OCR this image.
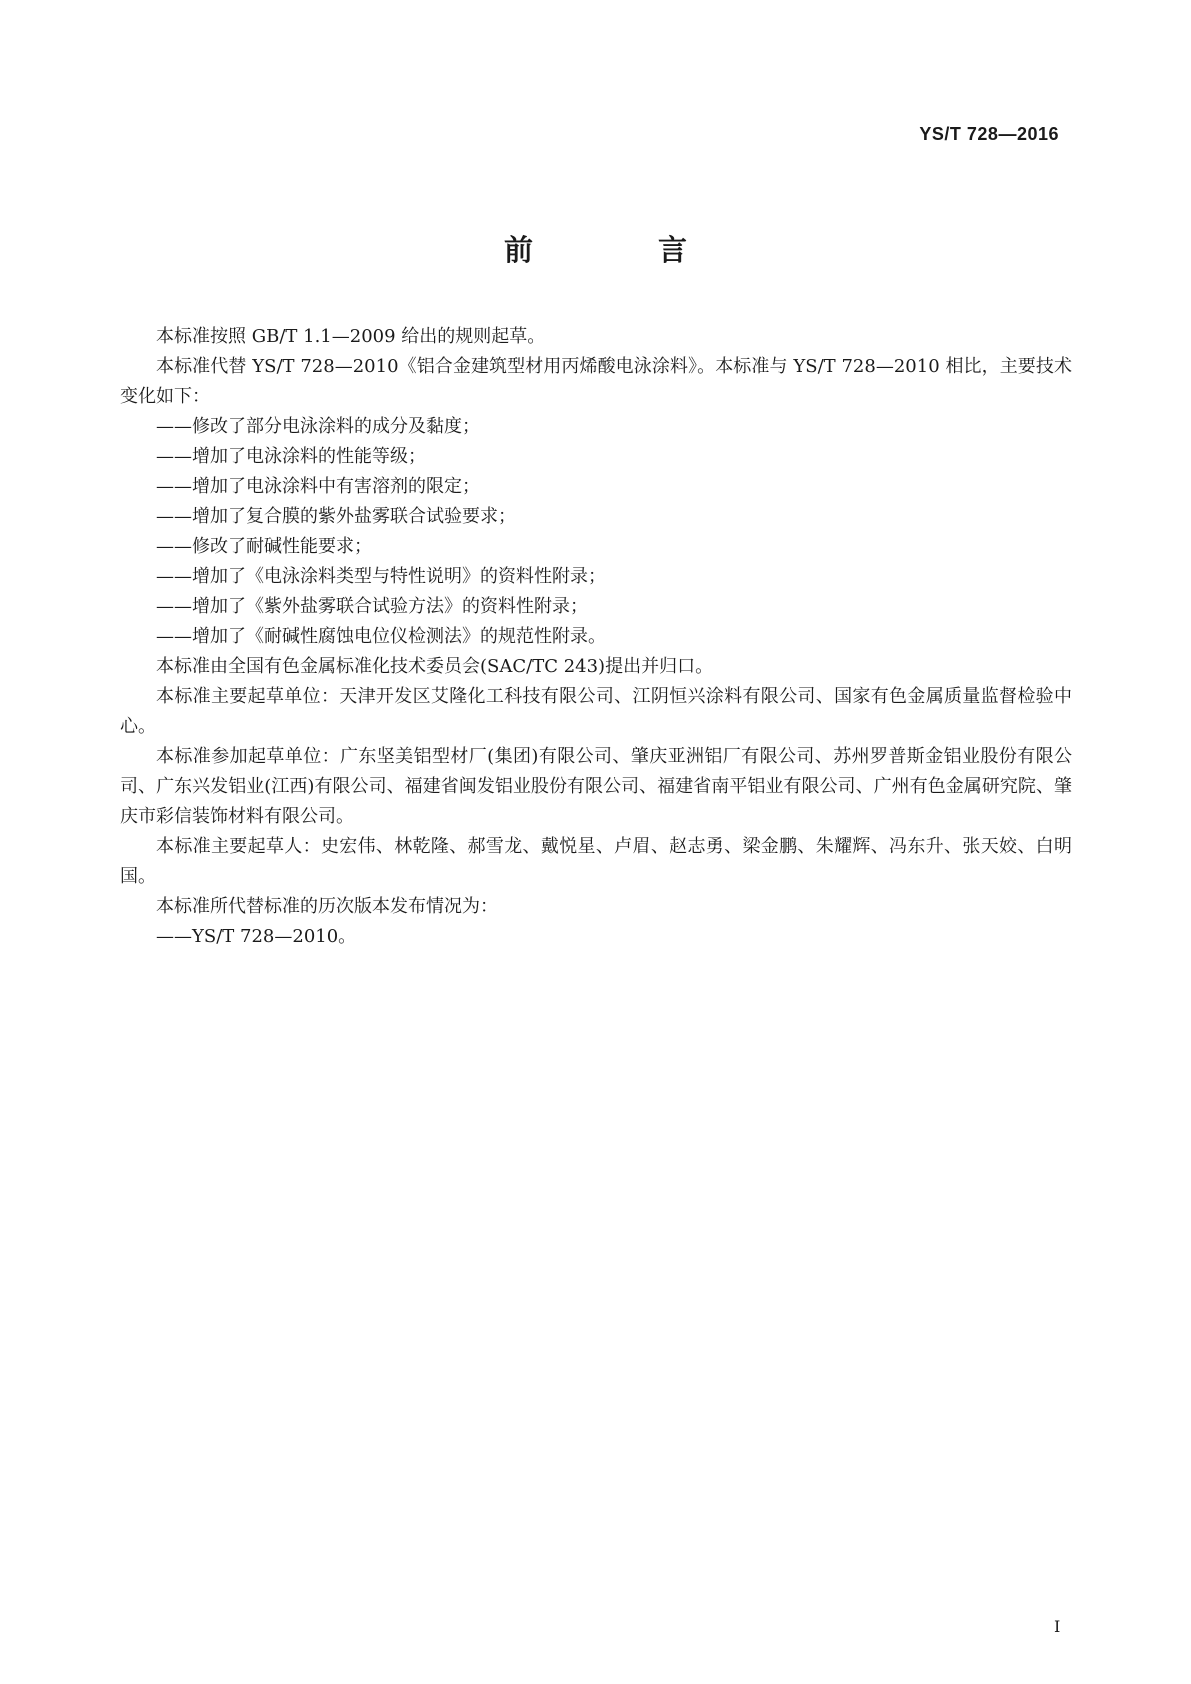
YS/T 728—2016
前　言

本标准按照 GB/T 1.1—2009 给出的规则起草。

本标准代替 YS/T 728—2010《铝合金建筑型材用丙烯酸电泳涂料》。本标准与 YS/T 728—2010 相比，主要技术变化如下：

——修改了部分电泳涂料的成分及黏度；

——增加了电泳涂料的性能等级；

——增加了电泳涂料中有害溶剂的限定；

——增加了复合膜的紫外盐雾联合试验要求；

——修改了耐碱性能要求；

——增加了《电泳涂料类型与特性说明》的资料性附录；

——增加了《紫外盐雾联合试验方法》的资料性附录；

——增加了《耐碱性腐蚀电位仪检测法》的规范性附录。

本标准由全国有色金属标准化技术委员会(SAC/TC 243)提出并归口。

本标准主要起草单位：天津开发区艾隆化工科技有限公司、江阴恒兴涂料有限公司、国家有色金属质量监督检验中心。

本标准参加起草单位：广东坚美铝型材厂(集团)有限公司、肇庆亚洲铝厂有限公司、苏州罗普斯金铝业股份有限公司、广东兴发铝业(江西)有限公司、福建省闽发铝业股份有限公司、福建省南平铝业有限公司、广州有色金属研究院、肇庆市彩信装饰材料有限公司。

本标准主要起草人：史宏伟、林乾隆、郝雪龙、戴悦星、卢眉、赵志勇、梁金鹏、朱耀辉、冯东升、张天姣、白明国。

本标准所代替标准的历次版本发布情况为：

——YS/T 728—2010。

I
